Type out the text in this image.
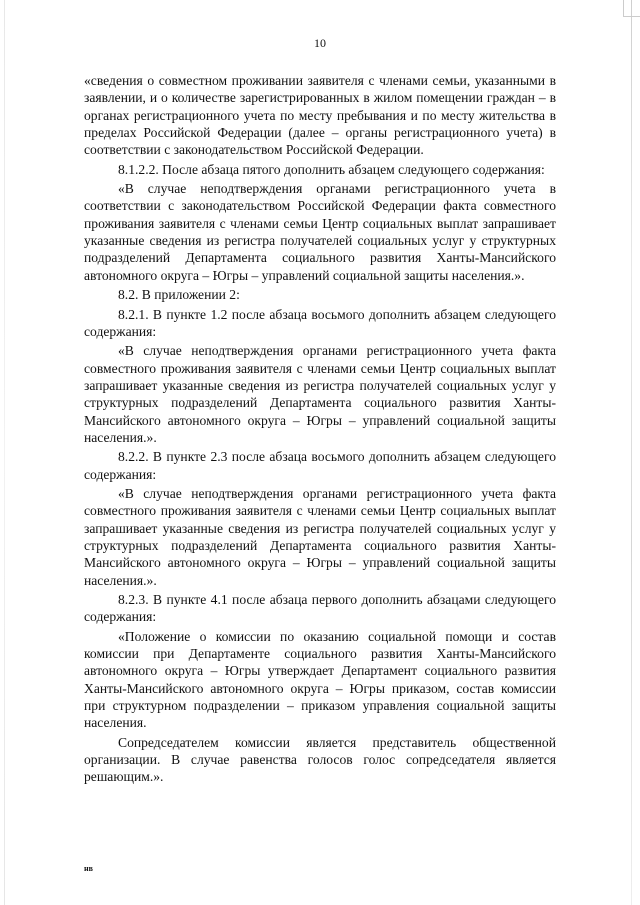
10

«сведения о совместном проживании заявителя с членами семьи, указанными в заявлении, и о количестве зарегистрированных в жилом помещении граждан – в органах регистрационного учета по месту пребывания и по месту жительства в пределах Российской Федерации (далее – органы регистрационного учета) в соответствии с законодательством Российской Федерации.

8.1.2.2. После абзаца пятого дополнить абзацем следующего содержания:

«В случае неподтверждения органами регистрационного учета в соответствии с законодательством Российской Федерации факта совместного проживания заявителя с членами семьи Центр социальных выплат запрашивает указанные сведения из регистра получателей социальных услуг у структурных подразделений Департамента социального развития Ханты-Мансийского автономного округа – Югры – управлений социальной защиты населения.».

8.2. В приложении 2:

8.2.1. В пункте 1.2 после абзаца восьмого дополнить абзацем следующего содержания:

«В случае неподтверждения органами регистрационного учета факта совместного проживания заявителя с членами семьи Центр социальных выплат запрашивает указанные сведения из регистра получателей социальных услуг у структурных подразделений Департамента социального развития Ханты-Мансийского автономного округа – Югры – управлений социальной защиты населения.».

8.2.2. В пункте 2.3 после абзаца восьмого дополнить абзацем следующего содержания:

«В случае неподтверждения органами регистрационного учета факта совместного проживания заявителя с членами семьи Центр социальных выплат запрашивает указанные сведения из регистра получателей социальных услуг у структурных подразделений Департамента социального развития Ханты-Мансийского автономного округа – Югры – управлений социальной защиты населения.».

8.2.3. В пункте 4.1 после абзаца первого дополнить абзацами следующего содержания:

«Положение о комиссии по оказанию социальной помощи и состав комиссии при Департаменте социального развития Ханты-Мансийского автономного округа – Югры утверждает Департамент социального развития Ханты-Мансийского автономного округа – Югры приказом, состав комиссии при структурном подразделении – приказом управления социальной защиты населения.

Сопредседателем комиссии является представитель общественной организации. В случае равенства голосов голос сопредседателя является решающим.».

нв
